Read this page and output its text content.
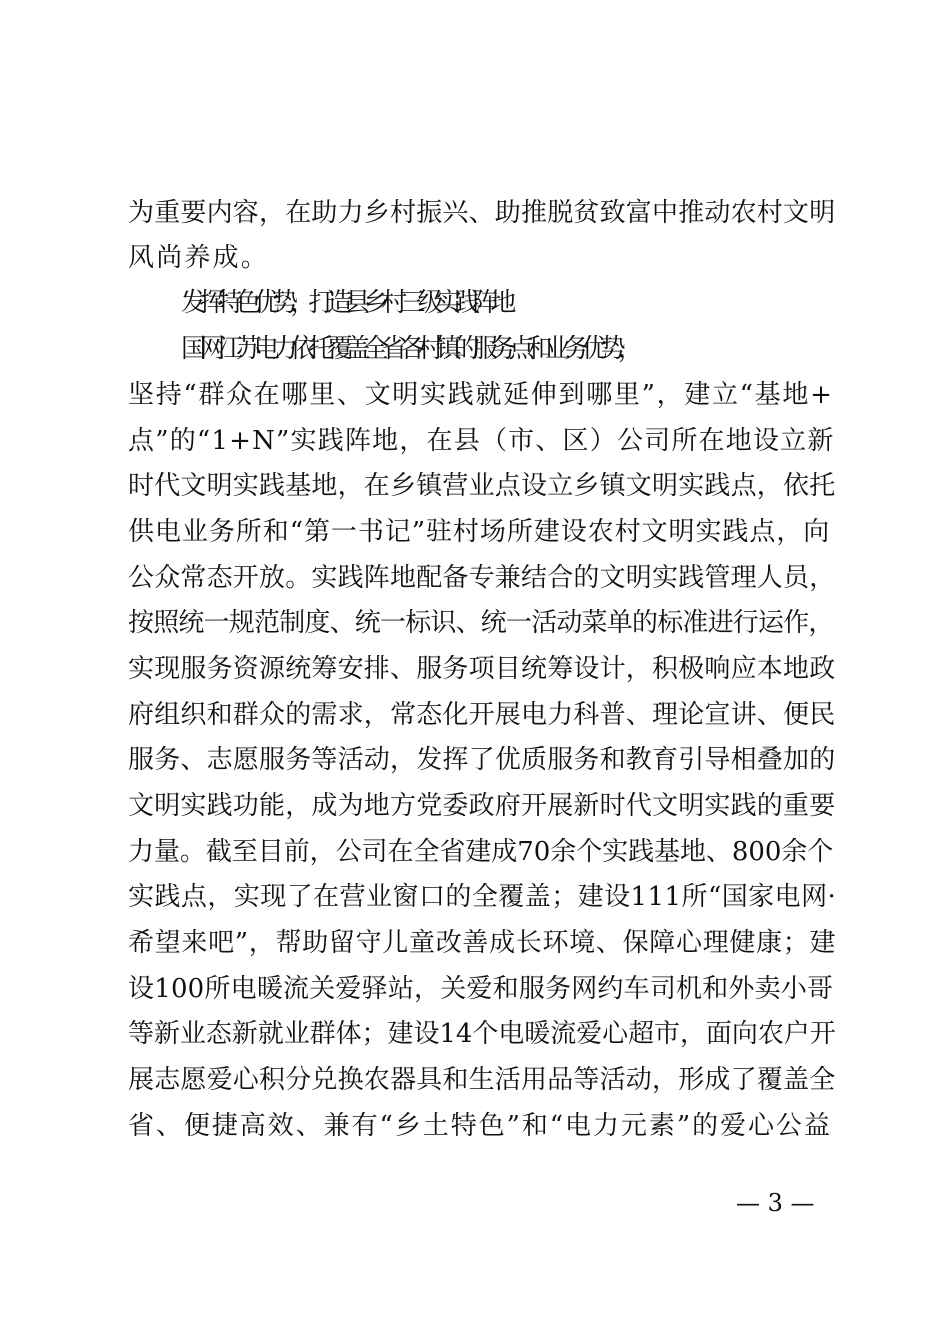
为重要内容，在助力乡村振兴、助推脱贫致富中推动农村文明
风尚养成。
发挥特色优势，打造县乡村三级实践阵地
国网江苏电力依托覆盖全省各村镇的服务点和业务优势，
坚持“群众在哪里、文明实践就延伸到哪里”，建立“基地+
点”的“1+N”实践阵地，在县（市、区）公司所在地设立新
时代文明实践基地，在乡镇营业点设立乡镇文明实践点，依托
供电业务所和“第一书记”驻村场所建设农村文明实践点，向
公众常态开放。实践阵地配备专兼结合的文明实践管理人员，
按照统一规范制度、统一标识、统一活动菜单的标准进行运作，
实现服务资源统筹安排、服务项目统筹设计，积极响应本地政
府组织和群众的需求，常态化开展电力科普、理论宣讲、便民
服务、志愿服务等活动，发挥了优质服务和教育引导相叠加的
文明实践功能，成为地方党委政府开展新时代文明实践的重要
力量。截至目前，公司在全省建成70余个实践基地、800余个
实践点，实现了在营业窗口的全覆盖；建设111所“国家电网·
希望来吧”，帮助留守儿童改善成长环境、保障心理健康；建
设100所电暖流关爱驿站，关爱和服务网约车司机和外卖小哥
等新业态新就业群体；建设14个电暖流爱心超市，面向农户开
展志愿爱心积分兑换农器具和生活用品等活动，形成了覆盖全
省、便捷高效、兼有“乡土特色”和“电力元素”的爱心公益
— 3 —
